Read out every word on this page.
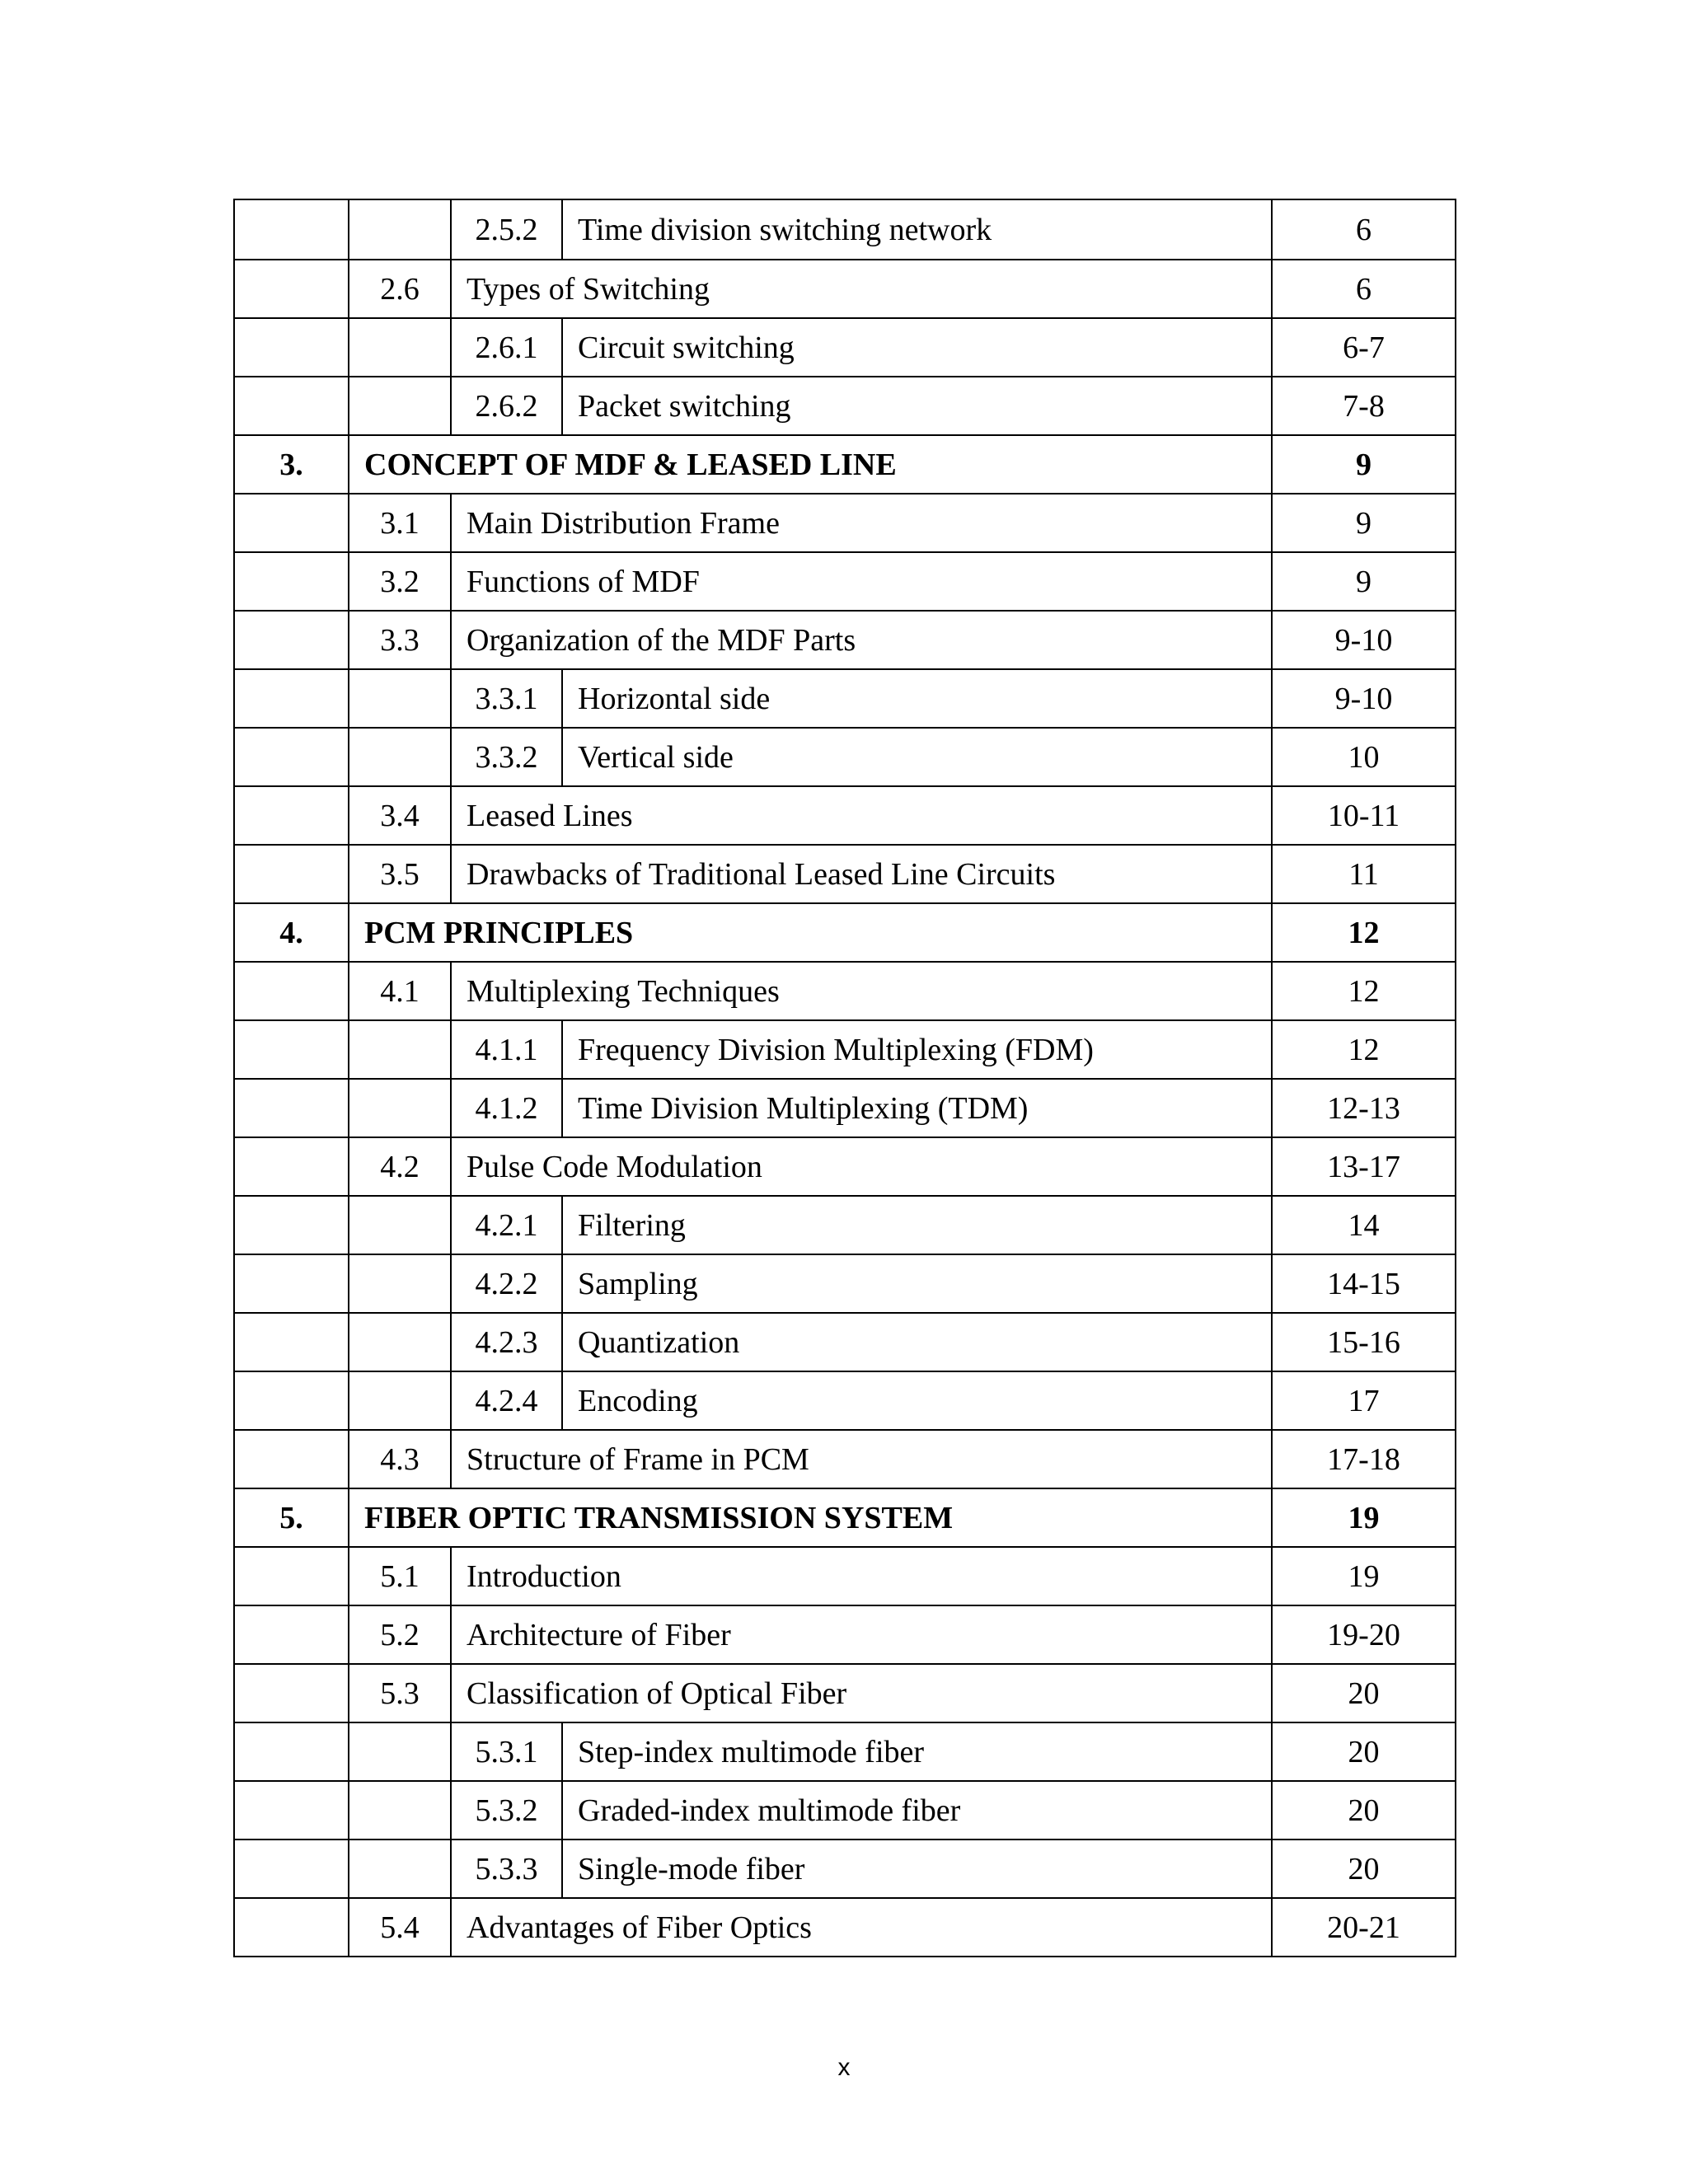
2.5.2	Time division switching network	6
2.6	Types of Switching	6
2.6.1	Circuit switching	6-7
2.6.2	Packet switching	7-8
3.	CONCEPT OF MDF & LEASED LINE	9
3.1	Main Distribution Frame	9
3.2	Functions of MDF	9
3.3	Organization of the MDF Parts	9-10
3.3.1	Horizontal side	9-10
3.3.2	Vertical side	10
3.4	Leased Lines	10-11
3.5	Drawbacks of Traditional Leased Line Circuits	11
4.	PCM PRINCIPLES	12
4.1	Multiplexing Techniques	12
4.1.1	Frequency Division Multiplexing (FDM)	12
4.1.2	Time Division Multiplexing (TDM)	12-13
4.2	Pulse Code Modulation	13-17
4.2.1	Filtering	14
4.2.2	Sampling	14-15
4.2.3	Quantization	15-16
4.2.4	Encoding	17
4.3	Structure of Frame in PCM	17-18
5.	FIBER OPTIC TRANSMISSION SYSTEM	19
5.1	Introduction	19
5.2	Architecture of Fiber	19-20
5.3	Classification of Optical Fiber	20
5.3.1	Step-index multimode fiber	20
5.3.2	Graded-index multimode fiber	20
5.3.3	Single-mode fiber	20
5.4	Advantages of Fiber Optics	20-21
x
